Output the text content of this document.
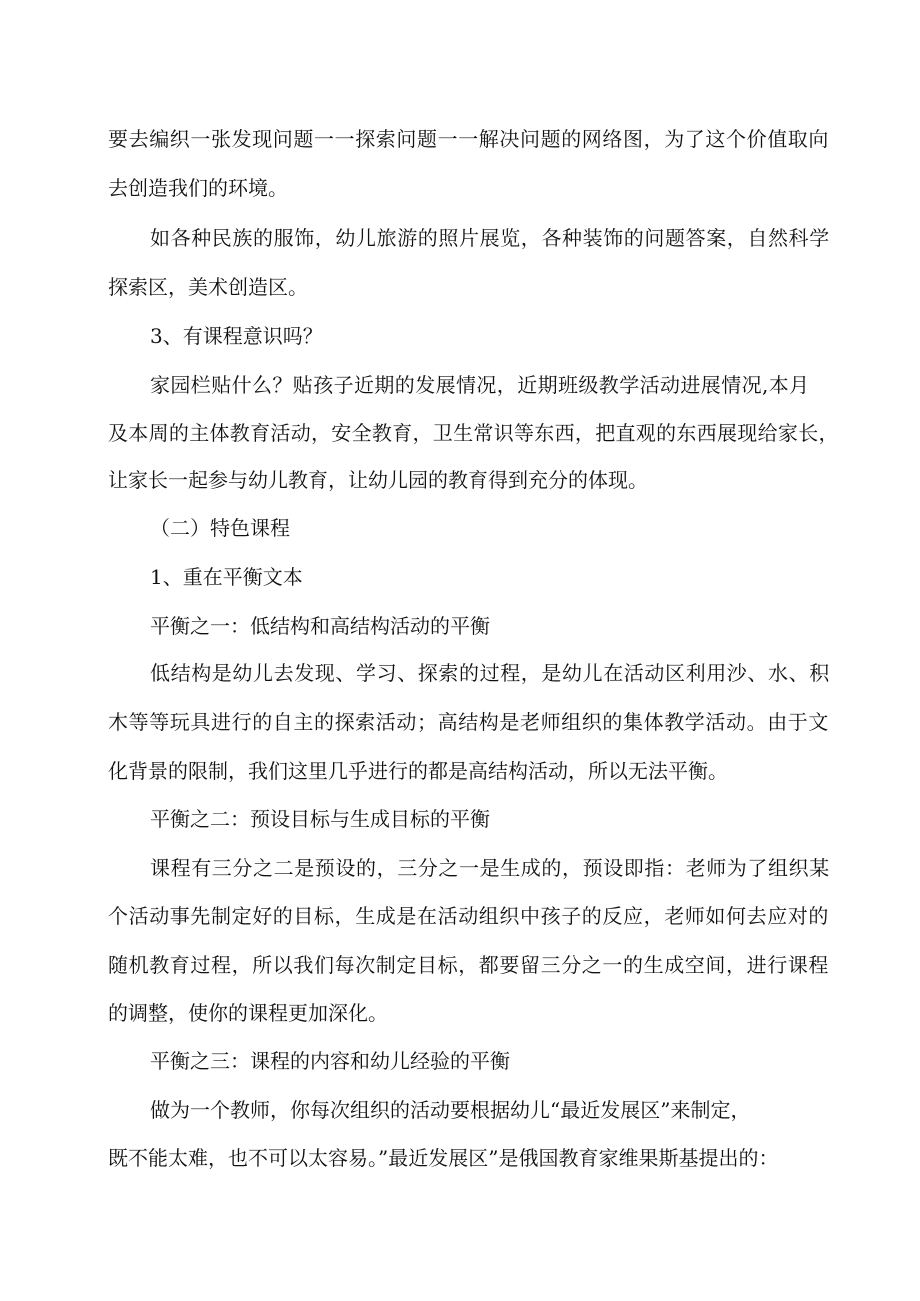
要去编织一张发现问题一一探索问题一一解决问题的网络图，为了这个价值取向
去创造我们的环境。
如各种民族的服饰，幼儿旅游的照片展览，各种装饰的问题答案，自然科学
探索区，美术创造区。
3、有课程意识吗？
家园栏贴什么？贴孩子近期的发展情况，近期班级教学活动进展情况,本月
及本周的主体教育活动，安全教育，卫生常识等东西，把直观的东西展现给家长，
让家长一起参与幼儿教育，让幼儿园的教育得到充分的体现。
（二）特色课程
1、重在平衡文本
平衡之一：低结构和高结构活动的平衡
低结构是幼儿去发现、学习、探索的过程，是幼儿在活动区利用沙、水、积
木等等玩具进行的自主的探索活动；高结构是老师组织的集体教学活动。由于文
化背景的限制，我们这里几乎进行的都是高结构活动，所以无法平衡。
平衡之二：预设目标与生成目标的平衡
课程有三分之二是预设的，三分之一是生成的，预设即指：老师为了组织某
个活动事先制定好的目标，生成是在活动组织中孩子的反应，老师如何去应对的
随机教育过程，所以我们每次制定目标，都要留三分之一的生成空间，进行课程
的调整，使你的课程更加深化。
平衡之三：课程的内容和幼儿经验的平衡
做为一个教师，你每次组织的活动要根据幼儿“最近发展区”来制定，
既不能太难，也不可以太容易。”最近发展区”是俄国教育家维果斯基提出的：
